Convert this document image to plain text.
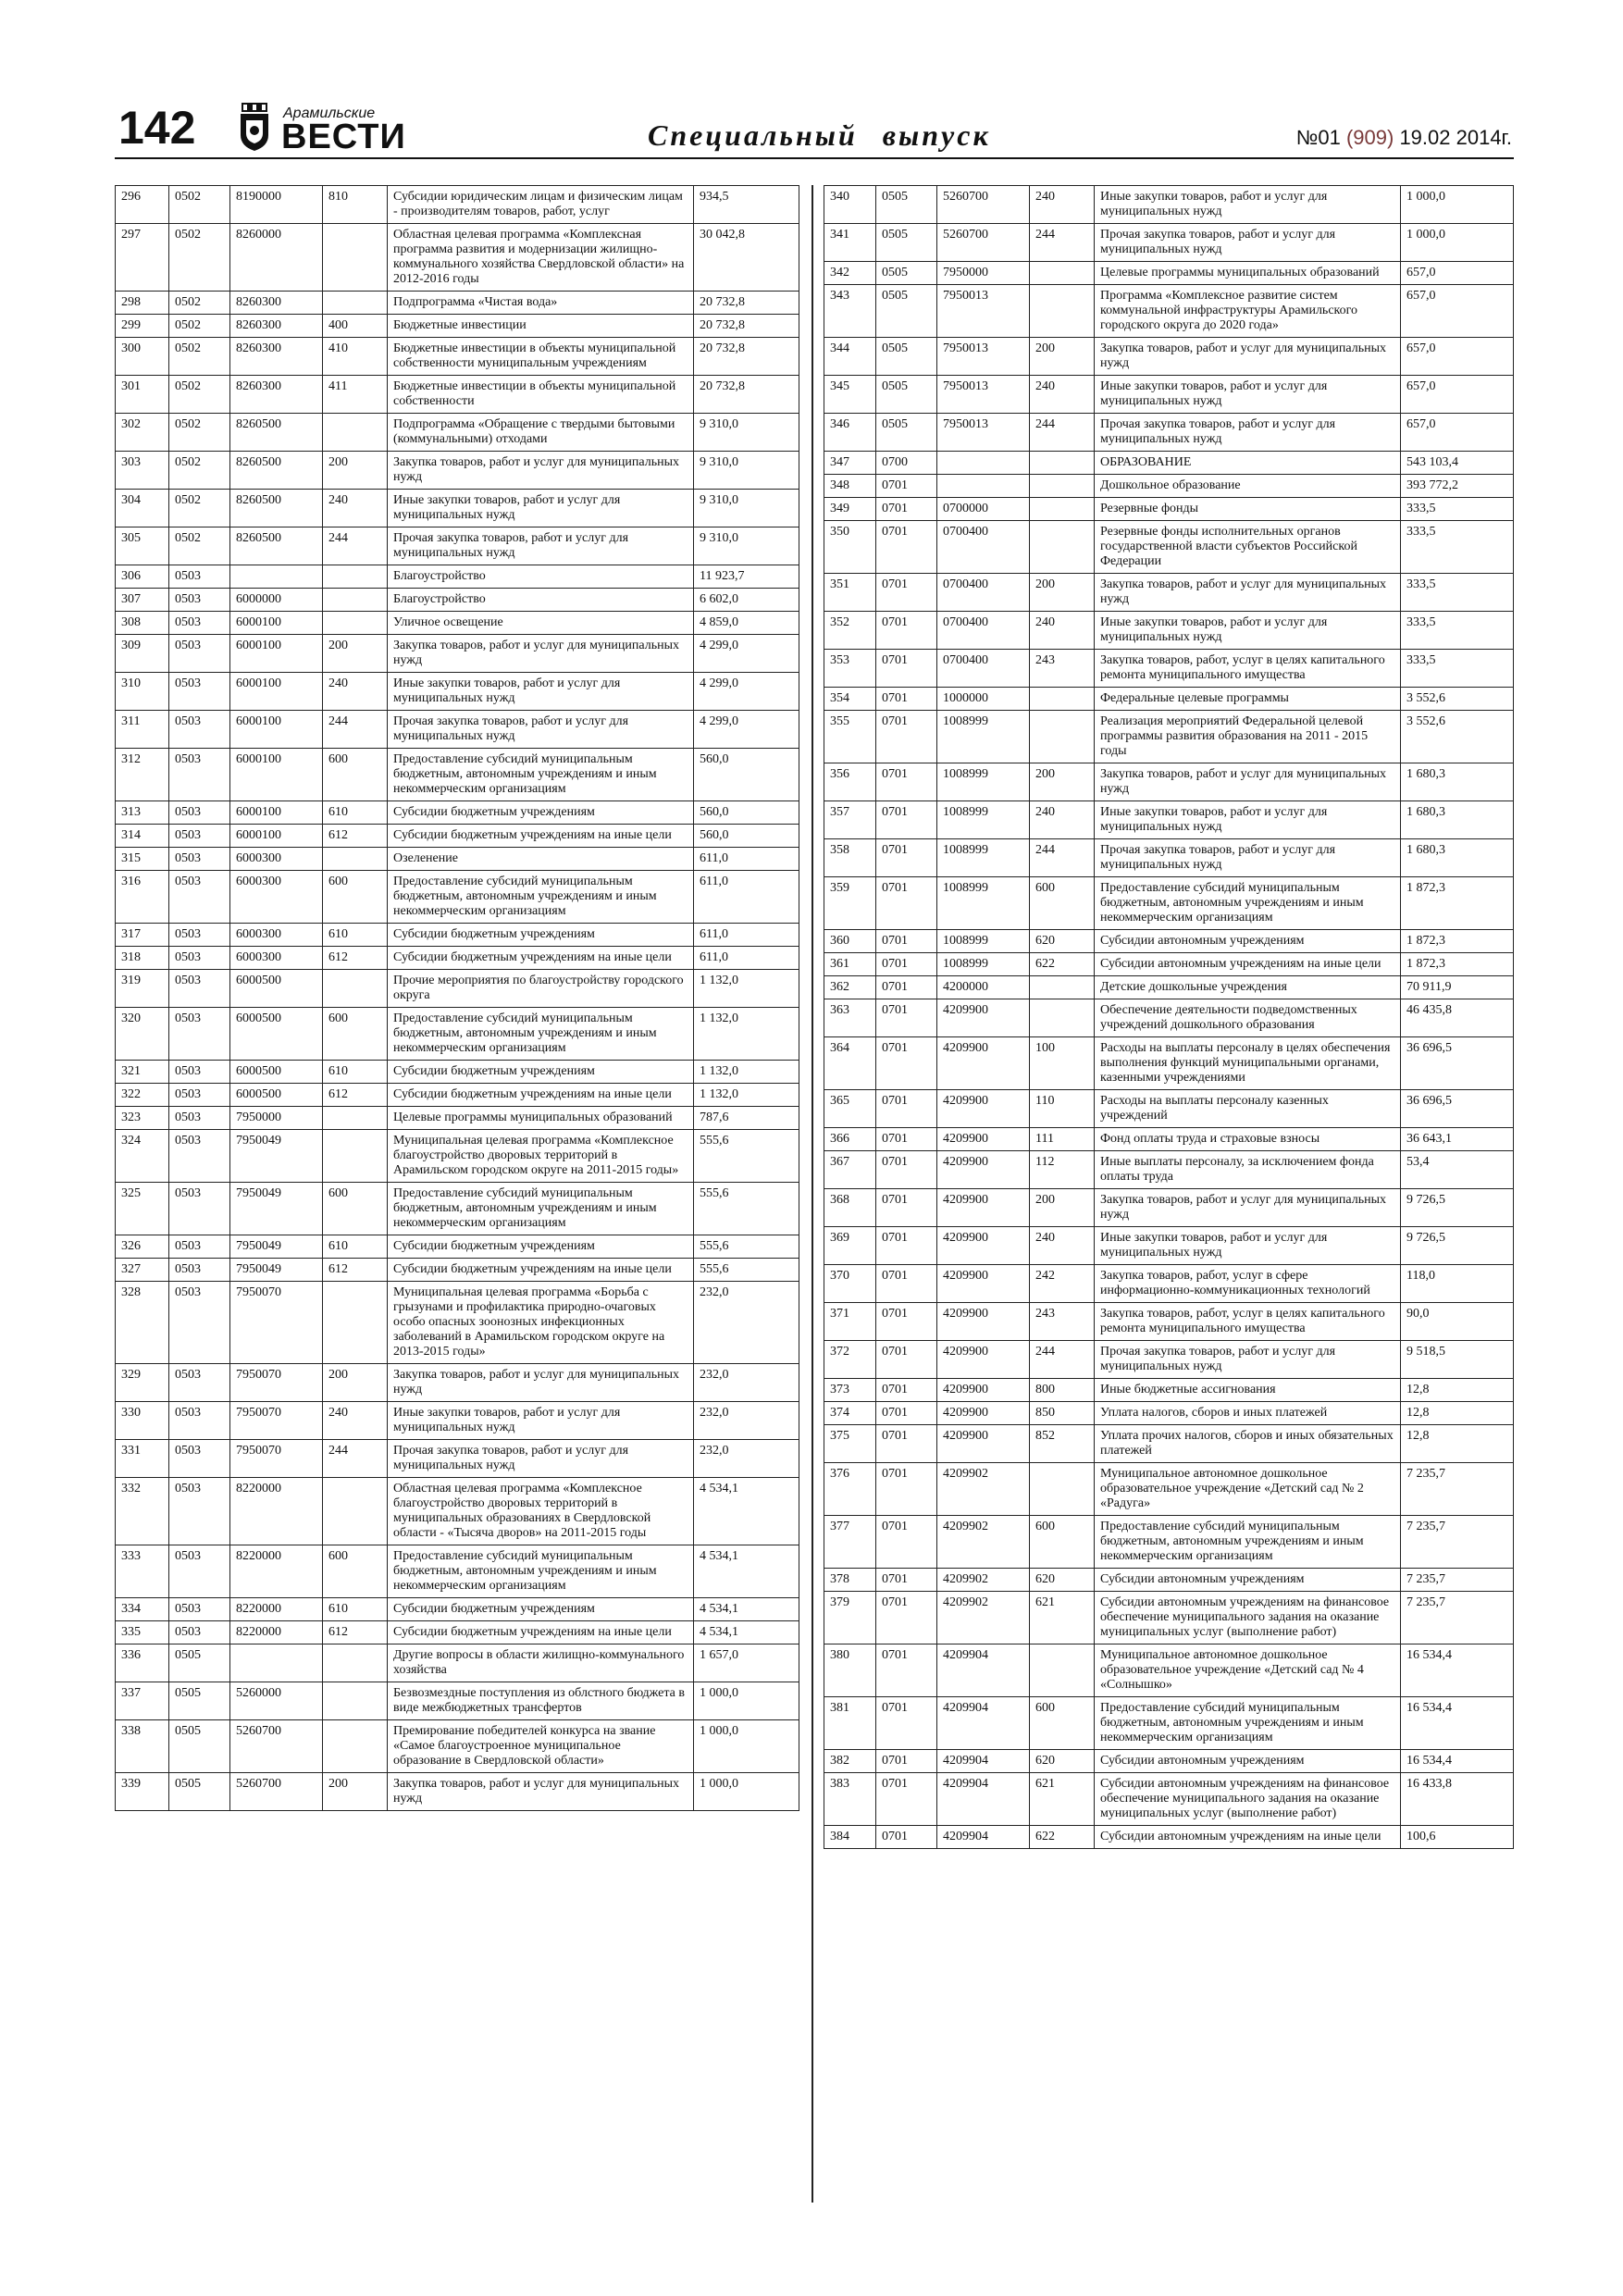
142	Арамильские
ВЕСТИ	Специальный выпуск	№01 (909) 19.02 2014г.
296	0502	8190000	810	Субсидии юридическим лицам и физическим лицам - производителям товаров, работ, услуг	934,5
297	0502	8260000		Областная целевая программа «Комплексная программа развития и модернизации жилищно-коммунального хозяйства Свердловской области» на 2012-2016 годы	30 042,8
298	0502	8260300		Подпрограмма «Чистая вода»	20 732,8
299	0502	8260300	400	Бюджетные инвестиции	20 732,8
300	0502	8260300	410	Бюджетные инвестиции в объекты муниципальной собственности муниципальным учреждениям	20 732,8
301	0502	8260300	411	Бюджетные инвестиции в объекты муниципальной собственности	20 732,8
302	0502	8260500		Подпрограмма «Обращение с твердыми бытовыми (коммунальными) отходами	9 310,0
303	0502	8260500	200	Закупка товаров, работ и услуг для муниципальных нужд	9 310,0
304	0502	8260500	240	Иные закупки товаров, работ и услуг для муниципальных нужд	9 310,0
305	0502	8260500	244	Прочая закупка товаров, работ и услуг для муниципальных нужд	9 310,0
306	0503			Благоустройство	11 923,7
307	0503	6000000		Благоустройство	6 602,0
308	0503	6000100		Уличное освещение	4 859,0
309	0503	6000100	200	Закупка товаров, работ и услуг для муниципальных нужд	4 299,0
310	0503	6000100	240	Иные закупки товаров, работ и услуг для муниципальных нужд	4 299,0
311	0503	6000100	244	Прочая закупка товаров, работ и услуг для муниципальных нужд	4 299,0
312	0503	6000100	600	Предоставление субсидий муниципальным бюджетным, автономным учреждениям и иным некоммерческим организациям	560,0
313	0503	6000100	610	Субсидии бюджетным учреждениям	560,0
314	0503	6000100	612	Субсидии бюджетным учреждениям на иные цели	560,0
315	0503	6000300		Озеленение	611,0
316	0503	6000300	600	Предоставление субсидий муниципальным бюджетным, автономным учреждениям и иным некоммерческим организациям	611,0
317	0503	6000300	610	Субсидии бюджетным учреждениям	611,0
318	0503	6000300	612	Субсидии бюджетным учреждениям на иные цели	611,0
319	0503	6000500		Прочие мероприятия по благоустройству городского округа	1 132,0
320	0503	6000500	600	Предоставление субсидий муниципальным бюджетным, автономным учреждениям и иным некоммерческим организациям	1 132,0
321	0503	6000500	610	Субсидии бюджетным учреждениям	1 132,0
322	0503	6000500	612	Субсидии бюджетным учреждениям на иные цели	1 132,0
323	0503	7950000		Целевые программы муниципальных образований	787,6
324	0503	7950049		Муниципальная целевая программа «Комплексное благоустройство дворовых территорий в Арамильском городском округе на 2011-2015 годы»	555,6
325	0503	7950049	600	Предоставление субсидий муниципальным бюджетным, автономным учреждениям и иным некоммерческим организациям	555,6
326	0503	7950049	610	Субсидии бюджетным учреждениям	555,6
327	0503	7950049	612	Субсидии бюджетным учреждениям на иные цели	555,6
328	0503	7950070		Муниципальная целевая программа «Борьба с грызунами и профилактика природно-очаговых особо опасных зоонозных инфекционных заболеваний в Арамильском городском округе на 2013-2015 годы»	232,0
329	0503	7950070	200	Закупка товаров, работ и услуг для муниципальных нужд	232,0
330	0503	7950070	240	Иные закупки товаров, работ и услуг для муниципальных нужд	232,0
331	0503	7950070	244	Прочая закупка товаров, работ и услуг для муниципальных нужд	232,0
332	0503	8220000		Областная целевая программа «Комплексное благоустройство дворовых территорий в муниципальных образованиях в Свердловской области - «Тысяча дворов» на 2011-2015 годы	4 534,1
333	0503	8220000	600	Предоставление субсидий муниципальным бюджетным, автономным учреждениям и иным некоммерческим организациям	4 534,1
334	0503	8220000	610	Субсидии бюджетным учреждениям	4 534,1
335	0503	8220000	612	Субсидии бюджетным учреждениям на иные цели	4 534,1
336	0505			Другие вопросы в области жилищно-коммунального хозяйства	1 657,0
337	0505	5260000		Безвозмездные поступления из облстного бюджета в виде межбюджетных трансфертов	1 000,0
338	0505	5260700		Премирование победителей конкурса на звание «Самое благоустроенное муниципальное образование в Свердловской области»	1 000,0
339	0505	5260700	200	Закупка товаров, работ и услуг для муниципальных нужд	1 000,0
340	0505	5260700	240	Иные закупки товаров, работ и услуг для муниципальных нужд	1 000,0
341	0505	5260700	244	Прочая закупка товаров, работ и услуг для муниципальных нужд	1 000,0
342	0505	7950000		Целевые программы муниципальных образований	657,0
343	0505	7950013		Программа «Комплексное развитие систем коммунальной инфраструктуры Арамильского городского округа до 2020 года»	657,0
344	0505	7950013	200	Закупка товаров, работ и услуг для муниципальных нужд	657,0
345	0505	7950013	240	Иные закупки товаров, работ и услуг для муниципальных нужд	657,0
346	0505	7950013	244	Прочая закупка товаров, работ и услуг для муниципальных нужд	657,0
347	0700			ОБРАЗОВАНИЕ	543 103,4
348	0701			Дошкольное образование	393 772,2
349	0701	0700000		Резервные фонды	333,5
350	0701	0700400		Резервные фонды исполнительных органов государственной власти субъектов Российской Федерации	333,5
351	0701	0700400	200	Закупка товаров, работ и услуг для муниципальных нужд	333,5
352	0701	0700400	240	Иные закупки товаров, работ и услуг для муниципальных нужд	333,5
353	0701	0700400	243	Закупка товаров, работ, услуг в целях капитального ремонта муниципального имущества	333,5
354	0701	1000000		Федеральные целевые программы	3 552,6
355	0701	1008999		Реализация мероприятий Федеральной целевой программы развития образования на 2011 - 2015 годы	3 552,6
356	0701	1008999	200	Закупка товаров, работ и услуг для муниципальных нужд	1 680,3
357	0701	1008999	240	Иные закупки товаров, работ и услуг для муниципальных нужд	1 680,3
358	0701	1008999	244	Прочая закупка товаров, работ и услуг для муниципальных нужд	1 680,3
359	0701	1008999	600	Предоставление субсидий муниципальным бюджетным, автономным учреждениям и иным некоммерческим организациям	1 872,3
360	0701	1008999	620	Субсидии автономным учреждениям	1 872,3
361	0701	1008999	622	Субсидии автономным учреждениям на иные цели	1 872,3
362	0701	4200000		Детские дошкольные учреждения	70 911,9
363	0701	4209900		Обеспечение деятельности подведомственных учреждений дошкольного образования	46 435,8
364	0701	4209900	100	Расходы на выплаты персоналу в целях обеспечения выполнения функций муниципальными органами, казенными учреждениями	36 696,5
365	0701	4209900	110	Расходы на выплаты персоналу казенных учреждений	36 696,5
366	0701	4209900	111	Фонд оплаты труда и страховые взносы	36 643,1
367	0701	4209900	112	Иные выплаты персоналу, за исключением фонда оплаты труда	53,4
368	0701	4209900	200	Закупка товаров, работ и услуг для муниципальных нужд	9 726,5
369	0701	4209900	240	Иные закупки товаров, работ и услуг для муниципальных нужд	9 726,5
370	0701	4209900	242	Закупка товаров, работ, услуг в сфере информационно-коммуникационных технологий	118,0
371	0701	4209900	243	Закупка товаров, работ, услуг в целях капитального ремонта муниципального имущества	90,0
372	0701	4209900	244	Прочая закупка товаров, работ и услуг для муниципальных нужд	9 518,5
373	0701	4209900	800	Иные бюджетные ассигнования	12,8
374	0701	4209900	850	Уплата налогов, сборов и иных платежей	12,8
375	0701	4209900	852	Уплата прочих налогов, сборов и иных обязательных платежей	12,8
376	0701	4209902		Муниципальное автономное дошкольное образовательное учреждение «Детский сад № 2 «Радуга»	7 235,7
377	0701	4209902	600	Предоставление субсидий муниципальным бюджетным, автономным учреждениям и иным некоммерческим организациям	7 235,7
378	0701	4209902	620	Субсидии автономным учреждениям	7 235,7
379	0701	4209902	621	Субсидии автономным учреждениям на финансовое обеспечение муниципального задания на оказание муниципальных услуг (выполнение работ)	7 235,7
380	0701	4209904		Муниципальное автономное дошкольное образовательное учреждение «Детский сад № 4 «Солнышко»	16 534,4
381	0701	4209904	600	Предоставление субсидий муниципальным бюджетным, автономным учреждениям и иным некоммерческим организациям	16 534,4
382	0701	4209904	620	Субсидии автономным учреждениям	16 534,4
383	0701	4209904	621	Субсидии автономным учреждениям на финансовое обеспечение муниципального задания на оказание муниципальных услуг (выполнение работ)	16 433,8
384	0701	4209904	622	Субсидии автономным учреждениям на иные цели	100,6
